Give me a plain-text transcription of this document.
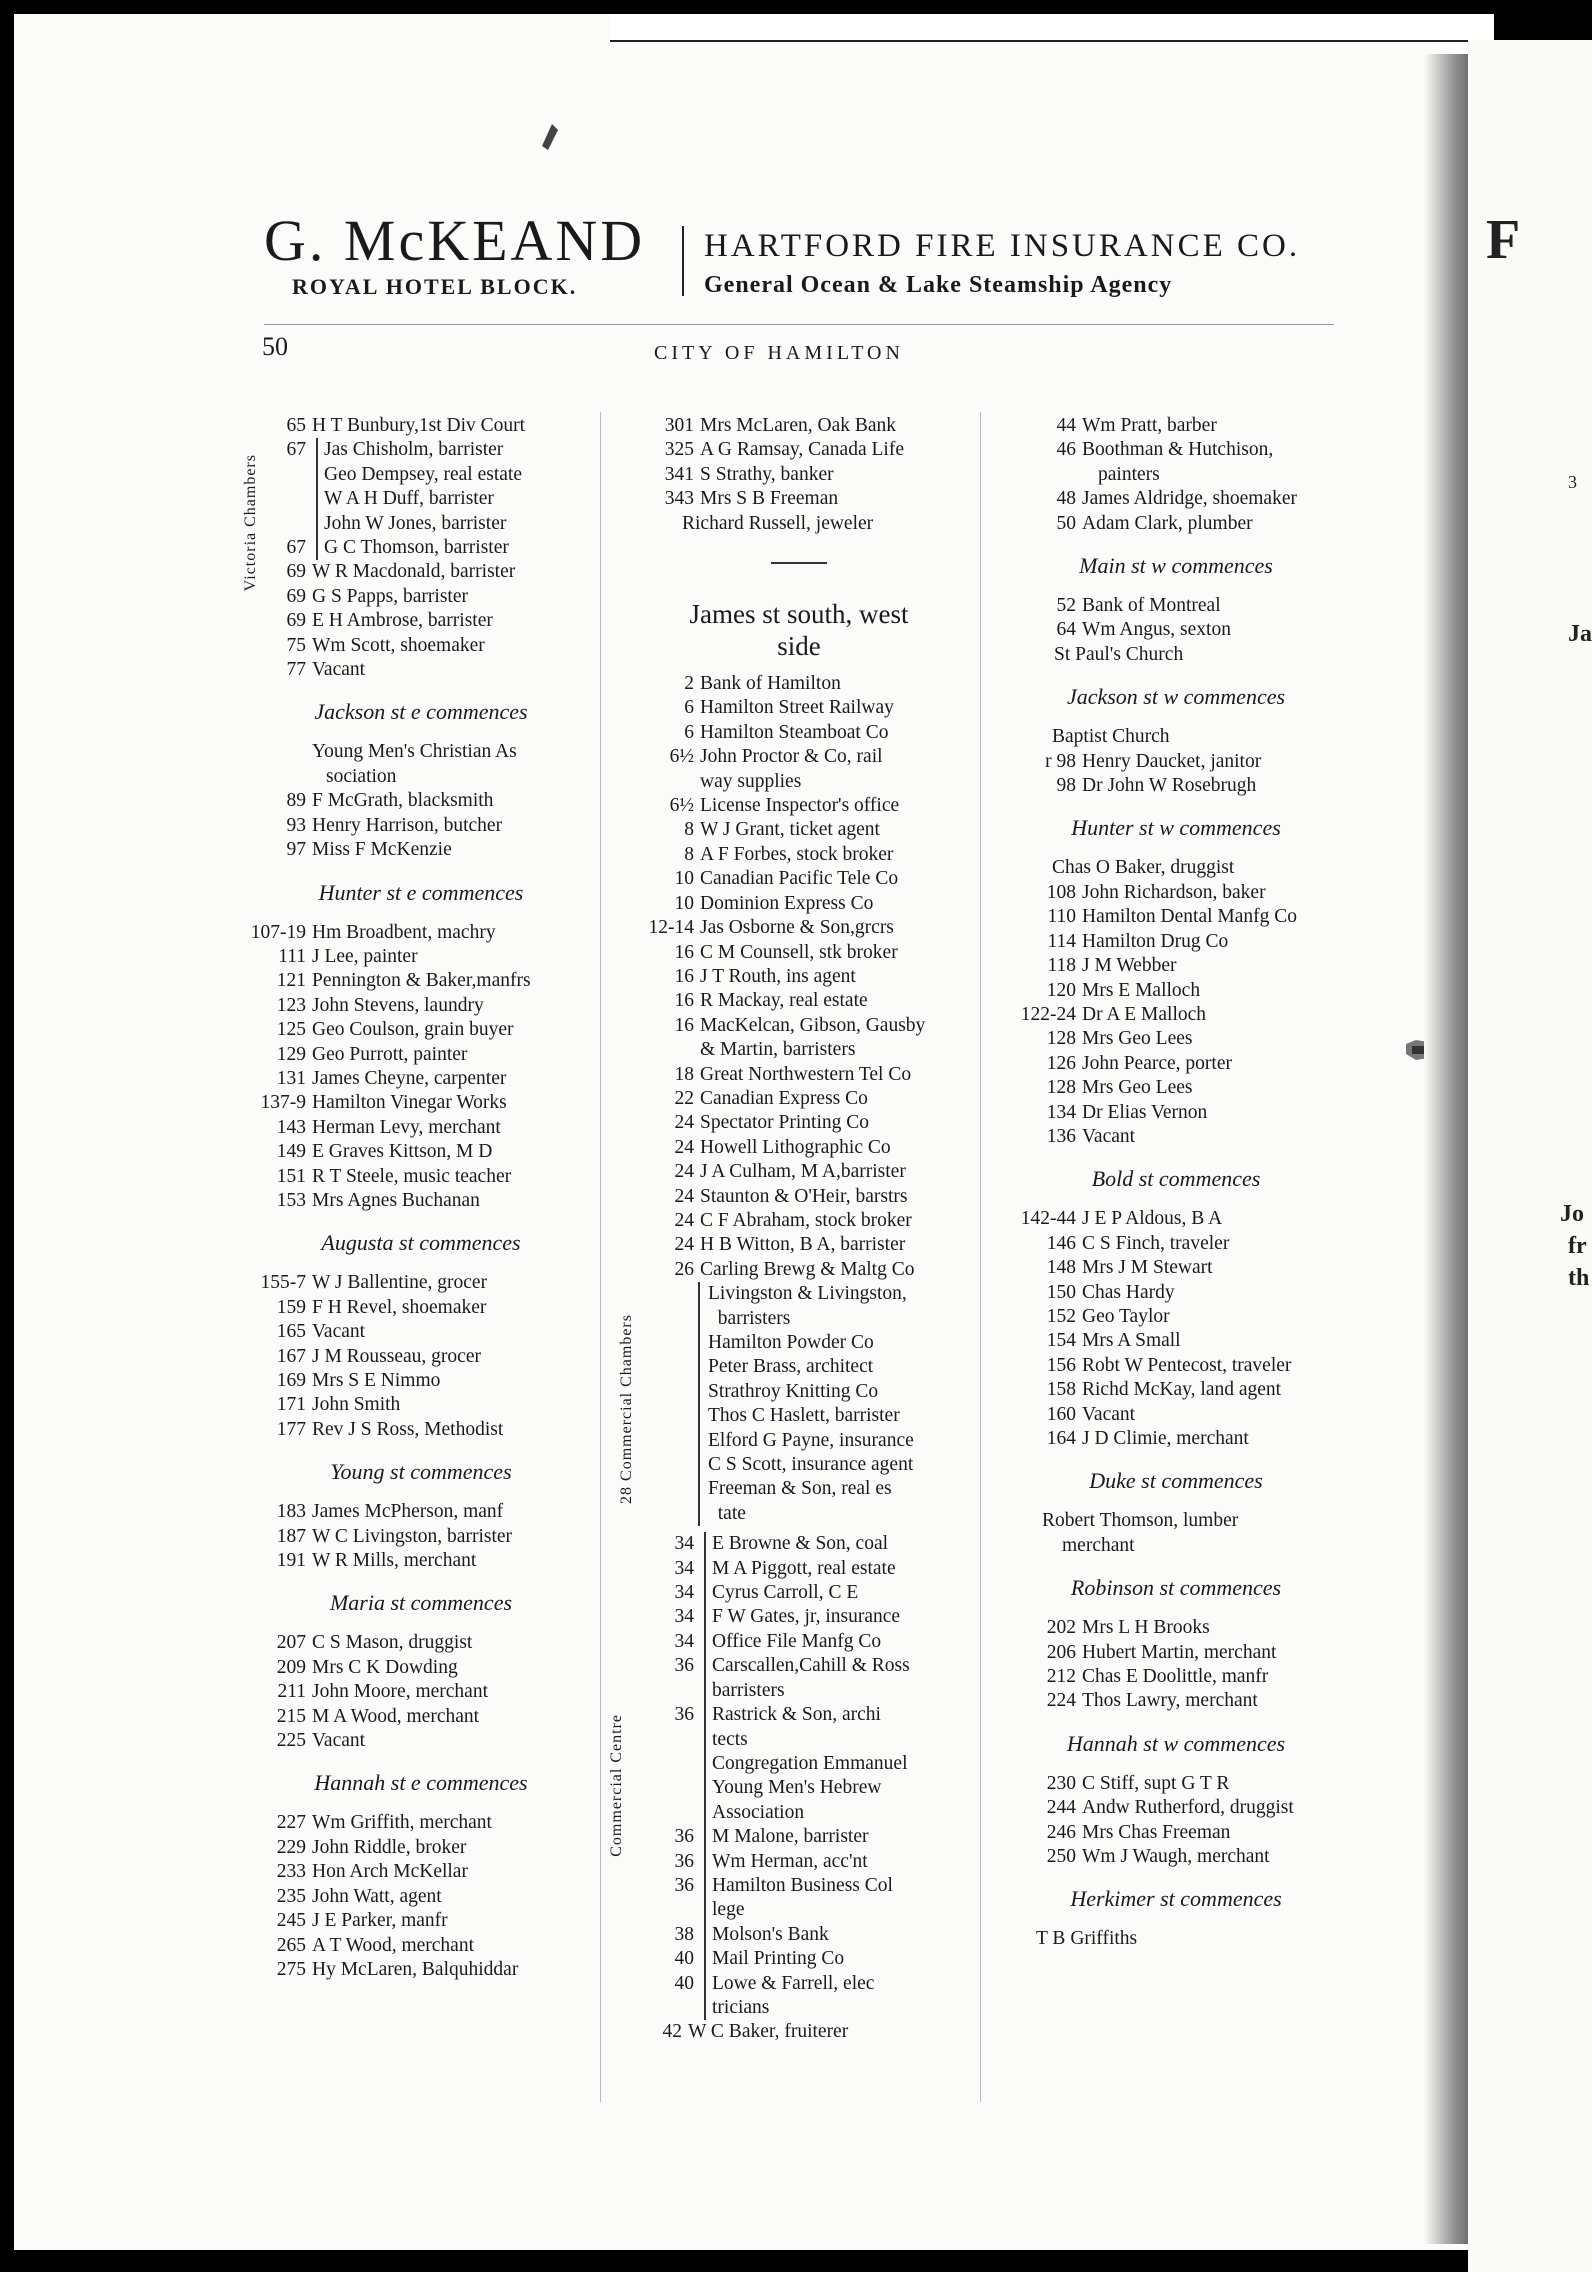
G. McKEAND
ROYAL HOTEL BLOCK.
HARTFORD FIRE INSURANCE CO.
General Ocean & Lake Steamship Agency
50	CITY OF HAMILTON
65 H T Bunbury,1st Div Court
67 Jas Chisholm, barrister
Geo Dempsey, real estate
W A H Duff, barrister
John W Jones, barrister
67 G C Thomson, barrister
69 W R Macdonald, barrister
69 G S Papps, barrister
69 E H Ambrose, barrister
75 Wm Scott, shoemaker
77 Vacant
Jackson st e commences
Young Men's Christian As
sociation
89 F McGrath, blacksmith
93 Henry Harrison, butcher
97 Miss F McKenzie
Hunter st e commences
107-19 Hm Broadbent, machry
111 J Lee, painter
121 Pennington & Baker,manfrs
123 John Stevens, laundry
125 Geo Coulson, grain buyer
129 Geo Purrott, painter
131 James Cheyne, carpenter
137-9 Hamilton Vinegar Works
143 Herman Levy, merchant
149 E Graves Kittson, M D
151 R T Steele, music teacher
153 Mrs Agnes Buchanan
Augusta st commences
155-7 W J Ballentine, grocer
159 F H Revel, shoemaker
165 Vacant
167 J M Rousseau, grocer
169 Mrs S E Nimmo
171 John Smith
177 Rev J S Ross, Methodist
Young st commences
183 James McPherson, manf
187 W C Livingston, barrister
191 W R Mills, merchant
Maria st commences
207 C S Mason, druggist
209 Mrs C K Dowding
211 John Moore, merchant
215 M A Wood, merchant
225 Vacant
Hannah st e commences
227 Wm Griffith, merchant
229 John Riddle, broker
233 Hon Arch McKellar
235 John Watt, agent
245 J E Parker, manfr
265 A T Wood, merchant
275 Hy McLaren, Balquhiddar
Victoria Chambers
301 Mrs McLaren, Oak Bank
325 A G Ramsay, Canada Life
341 S Strathy, banker
343 Mrs S B Freeman
Richard Russell, jeweler
James st south, west
side
2 Bank of Hamilton
6 Hamilton Street Railway
6 Hamilton Steamboat Co
6½ John Proctor & Co, rail
way supplies
6½ License Inspector's office
8 W J Grant, ticket agent
8 A F Forbes, stock broker
10 Canadian Pacific Tele Co
10 Dominion Express Co
12-14 Jas Osborne & Son,grcrs
16 C M Counsell, stk broker
16 J T Routh, ins agent
16 R Mackay, real estate
16 MacKelcan, Gibson, Gausby
& Martin, barristers
18 Great Northwestern Tel Co
22 Canadian Express Co
24 Spectator Printing Co
24 Howell Lithographic Co
24 J A Culham, M A,barrister
24 Staunton & O'Heir, barstrs
24 C F Abraham, stock broker
24 H B Witton, B A, barrister
26 Carling Brewg & Maltg Co
Livingston & Livingston,
barristers
Hamilton Powder Co
Peter Brass, architect
Strathroy Knitting Co
Thos C Haslett, barrister
Elford G Payne, insurance
C S Scott, insurance agent
Freeman & Son, real es
tate
34 E Browne & Son, coal
34 M A Piggott, real estate
34 Cyrus Carroll, C E
34 F W Gates, jr, insurance
34 Office File Manfg Co
36 Carscallen,Cahill & Ross
barristers
36 Rastrick & Son, archi
tects
Congregation Emmanuel
Young Men's Hebrew
Association
36 M Malone, barrister
36 Wm Herman, acc'nt
36 Hamilton Business Col
lege
38 Molson's Bank
40 Mail Printing Co
40 Lowe & Farrell, elec
tricians
42 W C Baker, fruiterer
28 Commercial Chambers
Commercial Centre
44 Wm Pratt, barber
46 Boothman & Hutchison,
painters
48 James Aldridge, shoemaker
50 Adam Clark, plumber
Main st w commences
52 Bank of Montreal
64 Wm Angus, sexton
St Paul's Church
Jackson st w commences
Baptist Church
r 98 Henry Daucket, janitor
98 Dr John W Rosebrugh
Hunter st w commences
Chas O Baker, druggist
108 John Richardson, baker
110 Hamilton Dental Manfg Co
114 Hamilton Drug Co
118 J M Webber
120 Mrs E Malloch
122-24 Dr A E Malloch
128 Mrs Geo Lees
126 John Pearce, porter
128 Mrs Geo Lees
134 Dr Elias Vernon
136 Vacant
Bold st commences
142-44 J E P Aldous, B A
146 C S Finch, traveler
148 Mrs J M Stewart
150 Chas Hardy
152 Geo Taylor
154 Mrs A Small
156 Robt W Pentecost, traveler
158 Richd McKay, land agent
160 Vacant
164 J D Climie, merchant
Duke st commences
Robert Thomson, lumber
merchant
Robinson st commences
202 Mrs L H Brooks
206 Hubert Martin, merchant
212 Chas E Doolittle, manfr
224 Thos Lawry, merchant
Hannah st w commences
230 C Stiff, supt G T R
244 Andw Rutherford, druggist
246 Mrs Chas Freeman
250 Wm J Waugh, merchant
Herkimer st commences
T B Griffiths
F
3
Ja
Jo
fr
th
